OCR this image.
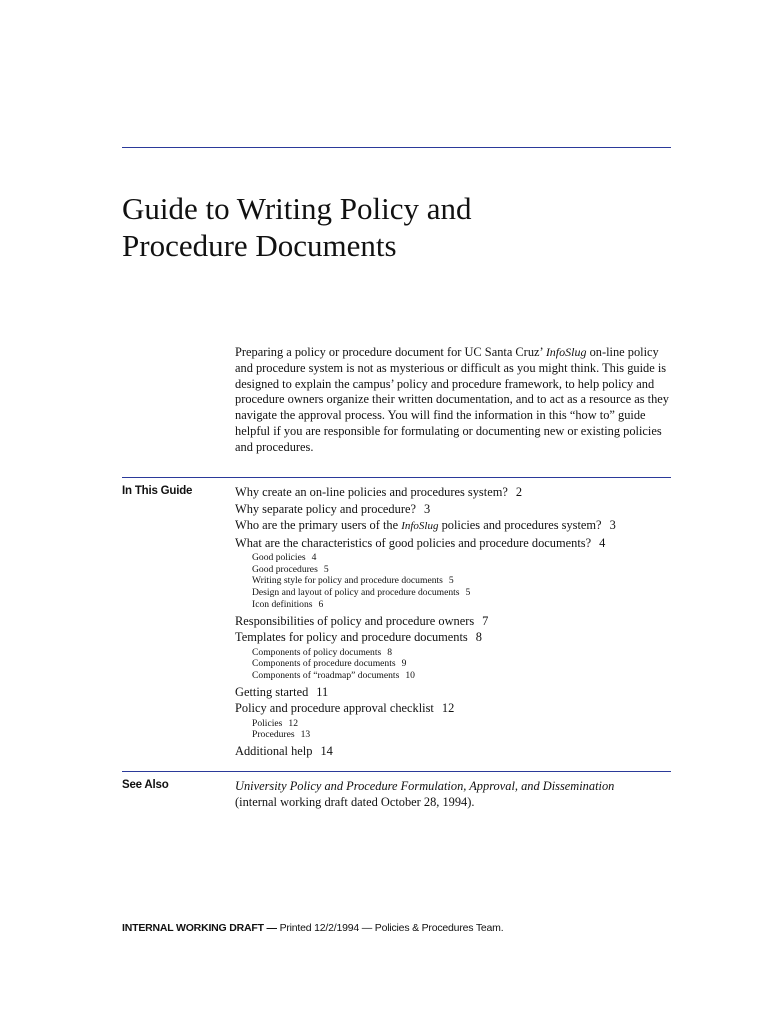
Guide to Writing Policy and
Procedure Documents

Preparing a policy or procedure document for UC Santa Cruz’ InfoSlug on-line policy and procedure system is not as mysterious or difficult as you might think. This guide is designed to explain the campus’ policy and procedure framework, to help policy and procedure owners organize their written documentation, and to act as a resource as they navigate the approval process. You will find the information in this “how to” guide helpful if you are responsible for formulating or documenting new or existing policies and procedures.

In This Guide	Why create an on-line policies and procedures system? 2
Why separate policy and procedure? 3
Who are the primary users of the InfoSlug policies and procedures system? 3
What are the characteristics of good policies and procedure documents? 4
Good policies 4
Good procedures 5
Writing style for policy and procedure documents 5
Design and layout of policy and procedure documents 5
Icon definitions 6
Responsibilities of policy and procedure owners 7
Templates for policy and procedure documents 8
Components of policy documents 8
Components of procedure documents 9
Components of “roadmap” documents 10
Getting started 11
Policy and procedure approval checklist 12
Policies 12
Procedures 13
Additional help 14
See Also	University Policy and Procedure Formulation, Approval, and Dissemination
(internal working draft dated October 28, 1994).
INTERNAL WORKING DRAFT — Printed 12/2/1994 — Policies & Procedures Team.
